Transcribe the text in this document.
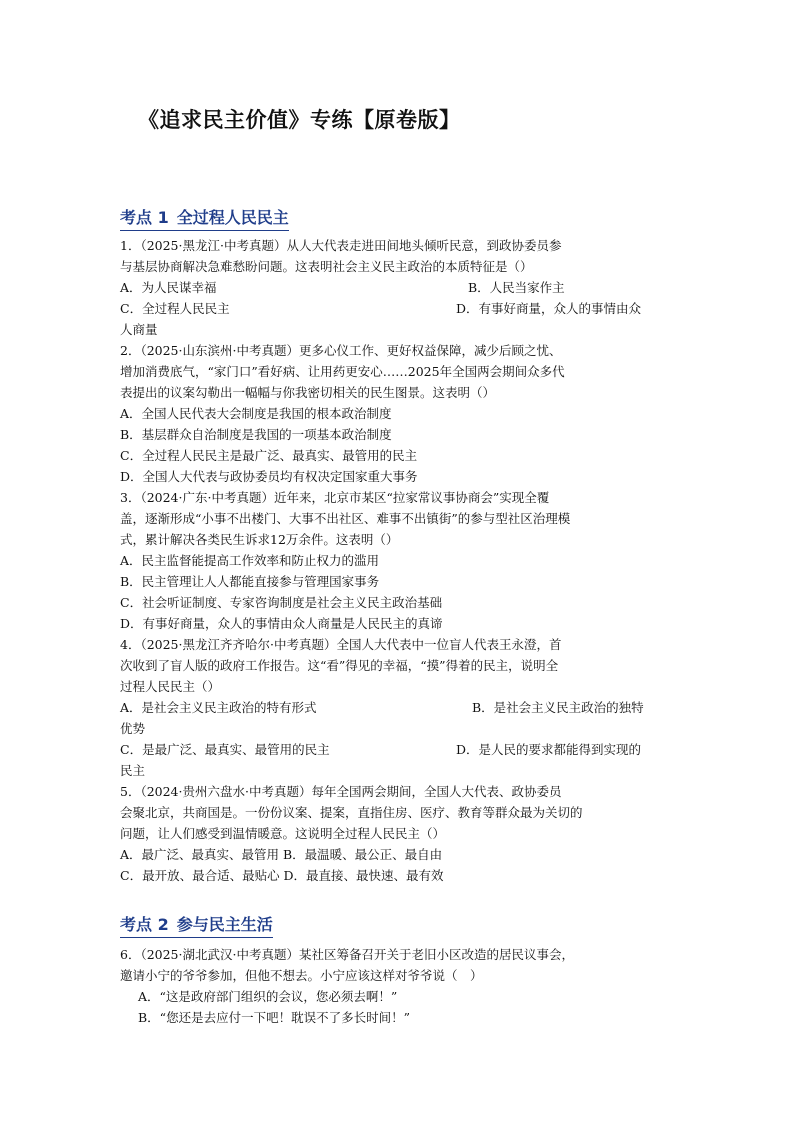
《追求民主价值》专练【原卷版】
考点 1 全过程人民民主
1．（2025·黑龙江·中考真题）从人大代表走进田间地头倾听民意，到政协委员参
与基层协商解决急难愁盼问题。这表明社会主义民主政治的本质特征是（）
A．为人民谋幸福	B．人民当家作主
C．全过程人民民主	D．有事好商量，众人的事情由众
人商量
2．（2025·山东滨州·中考真题）更多心仪工作、更好权益保障，减少后顾之忧、
增加消费底气，“家门口”看好病、让用药更安心……2025年全国两会期间众多代
表提出的议案勾勒出一幅幅与你我密切相关的民生图景。这表明（）
A．全国人民代表大会制度是我国的根本政治制度
B．基层群众自治制度是我国的一项基本政治制度
C．全过程人民民主是最广泛、最真实、最管用的民主
D．全国人大代表与政协委员均有权决定国家重大事务
3．（2024·广东·中考真题）近年来，北京市某区“拉家常议事协商会”实现全覆
盖，逐渐形成“小事不出楼门、大事不出社区、难事不出镇街”的参与型社区治理模
式，累计解决各类民生诉求12万余件。这表明（）
A．民主监督能提高工作效率和防止权力的滥用
B．民主管理让人人都能直接参与管理国家事务
C．社会听证制度、专家咨询制度是社会主义民主政治基础
D．有事好商量，众人的事情由众人商量是人民民主的真谛
4．（2025·黑龙江齐齐哈尔·中考真题）全国人大代表中一位盲人代表王永澄，首
次收到了盲人版的政府工作报告。这“看”得见的幸福，“摸”得着的民主，说明全
过程人民民主（）
A．是社会主义民主政治的特有形式	B．是社会主义民主政治的独特
优势
C．是最广泛、最真实、最管用的民主	D．是人民的要求都能得到实现的
民主
5．（2024·贵州六盘水·中考真题）每年全国两会期间，全国人大代表、政协委员
会聚北京，共商国是。一份份议案、提案，直指住房、医疗、教育等群众最为关切的
问题，让人们感受到温情暖意。这说明全过程人民民主（）
A．最广泛、最真实、最管用 B．最温暖、最公正、最自由
C．最开放、最合适、最贴心 D．最直接、最快速、最有效
考点 2 参与民主生活
6．（2025·湖北武汉·中考真题）某社区筹备召开关于老旧小区改造的居民议事会，
邀请小宁的爷爷参加，但他不想去。小宁应该这样对爷爷说（　）
A．“这是政府部门组织的会议，您必须去啊！”
B．“您还是去应付一下吧！耽误不了多长时间！”
